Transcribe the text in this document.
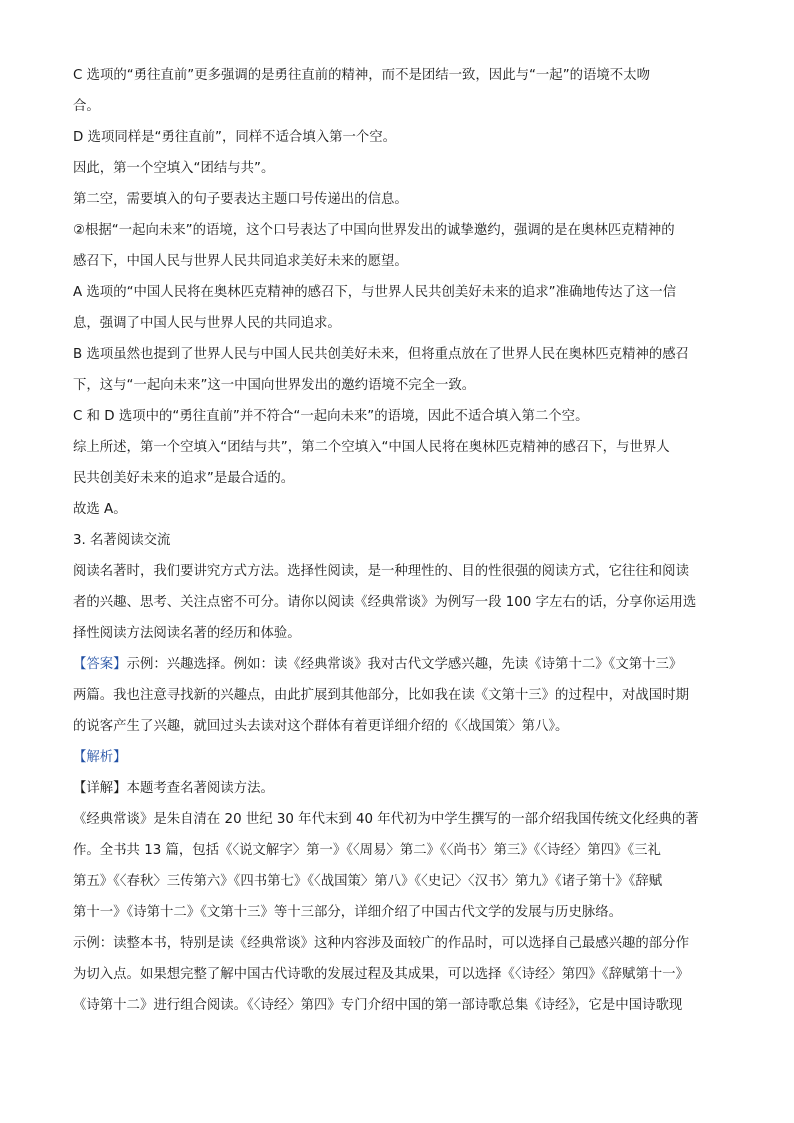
C 选项的“勇往直前”更多强调的是勇往直前的精神，而不是团结一致，因此与“一起”的语境不太吻
合。
D 选项同样是“勇往直前”，同样不适合填入第一个空。
因此，第一个空填入“团结与共”。
第二空，需要填入的句子要表达主题口号传递出的信息。
②根据“一起向未来”的语境，这个口号表达了中国向世界发出的诚挚邀约，强调的是在奥林匹克精神的
感召下，中国人民与世界人民共同追求美好未来的愿望。
A 选项的“中国人民将在奥林匹克精神的感召下，与世界人民共创美好未来的追求”准确地传达了这一信
息，强调了中国人民与世界人民的共同追求。
B 选项虽然也提到了世界人民与中国人民共创美好未来，但将重点放在了世界人民在奥林匹克精神的感召
下，这与“一起向未来”这一中国向世界发出的邀约语境不完全一致。
C 和 D 选项中的“勇往直前”并不符合“一起向未来”的语境，因此不适合填入第二个空。
综上所述，第一个空填入“团结与共”，第二个空填入“中国人民将在奥林匹克精神的感召下，与世界人
民共创美好未来的追求”是最合适的。
故选 A。
3. 名著阅读交流
阅读名著时，我们要讲究方式方法。选择性阅读，是一种理性的、目的性很强的阅读方式，它往往和阅读
者的兴趣、思考、关注点密不可分。请你以阅读《经典常谈》为例写一段 100 字左右的话，分享你运用选
择性阅读方法阅读名著的经历和体验。
【答案】示例：兴趣选择。例如：读《经典常谈》我对古代文学感兴趣，先读《诗第十二》《文第十三》
两篇。我也注意寻找新的兴趣点，由此扩展到其他部分，比如我在读《文第十三》的过程中，对战国时期
的说客产生了兴趣，就回过头去读对这个群体有着更详细介绍的《〈战国策〉第八》。
【解析】
【详解】本题考查名著阅读方法。
《经典常谈》是朱自清在 20 世纪 30 年代末到 40 年代初为中学生撰写的一部介绍我国传统文化经典的著
作。全书共 13 篇，包括《〈说文解字〉第一》《〈周易〉第二》《〈尚书〉第三》《〈诗经〉第四》《三礼
第五》《〈春秋〉三传第六》《四书第七》《〈战国策〉第八》《〈史记〉〈汉书〉第九》《诸子第十》《辞赋
第十一》《诗第十二》《文第十三》等十三部分，详细介绍了中国古代文学的发展与历史脉络。
示例：读整本书，特别是读《经典常谈》这种内容涉及面较广的作品时，可以选择自己最感兴趣的部分作
为切入点。如果想完整了解中国古代诗歌的发展过程及其成果，可以选择《〈诗经〉第四》《辞赋第十一》
《诗第十二》进行组合阅读。《〈诗经〉第四》专门介绍中国的第一部诗歌总集《诗经》，它是中国诗歌现
